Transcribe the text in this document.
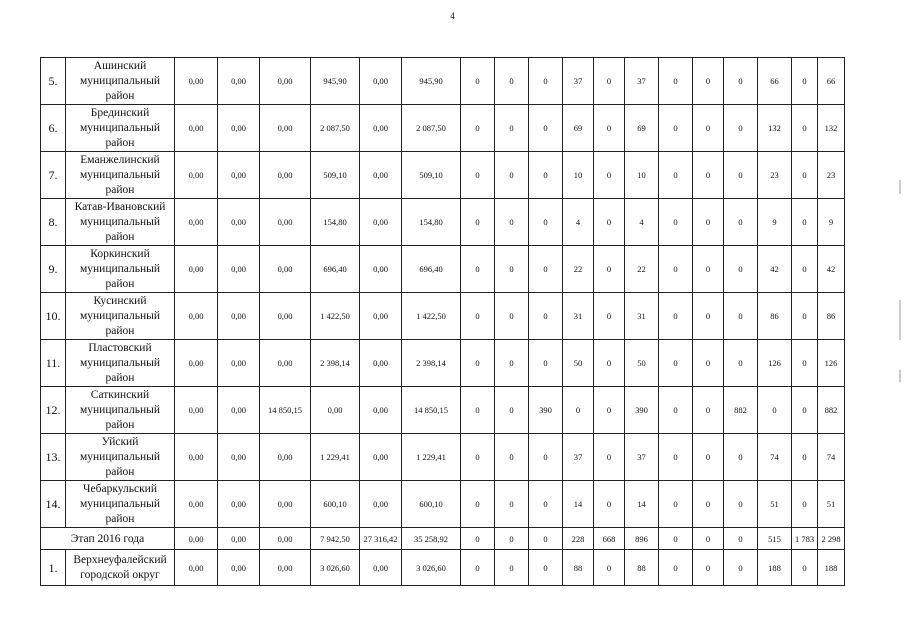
4
5.	Ашинский муниципальный район	0,00	0,00	0,00	945,90	0,00	945,90	0	0	0	37	0	37	0	0	0	66	0	66
6.	Брединский муниципальный район	0,00	0,00	0,00	2 087,50	0,00	2 087,50	0	0	0	69	0	69	0	0	0	132	0	132
7.	Еманжелинский муниципальный район	0,00	0,00	0,00	509,10	0,00	509,10	0	0	0	10	0	10	0	0	0	23	0	23
8.	Катав-Ивановский муниципальный район	0,00	0,00	0,00	154,80	0,00	154,80	0	0	0	4	0	4	0	0	0	9	0	9
9.	Коркинский муниципальный район	0,00	0,00	0,00	696,40	0,00	696,40	0	0	0	22	0	22	0	0	0	42	0	42
10.	Кусинский муниципальный район	0,00	0,00	0,00	1 422,50	0,00	1 422,50	0	0	0	31	0	31	0	0	0	86	0	86
11.	Пластовский муниципальный район	0,00	0,00	0,00	2 398,14	0,00	2 398,14	0	0	0	50	0	50	0	0	0	126	0	126
12.	Саткинский муниципальный район	0,00	0,00	14 850,15	0,00	0,00	14 850,15	0	0	390	0	0	390	0	0	882	0	0	882
13.	Уйский муниципальный район	0,00	0,00	0,00	1 229,41	0,00	1 229,41	0	0	0	37	0	37	0	0	0	74	0	74
14.	Чебаркульский муниципальный район	0,00	0,00	0,00	600,10	0,00	600,10	0	0	0	14	0	14	0	0	0	51	0	51
Этап 2016 года		0,00	0,00	0,00	7 942,50	27 316,42	35 258,92	0	0	0	228	668	896	0	0	0	515	1 783	2 298
1.	Верхнеуфалейский городской округ	0,00	0,00	0,00	3 026,60	0,00	3 026,60	0	0	0	88	0	88	0	0	0	188	0	188
